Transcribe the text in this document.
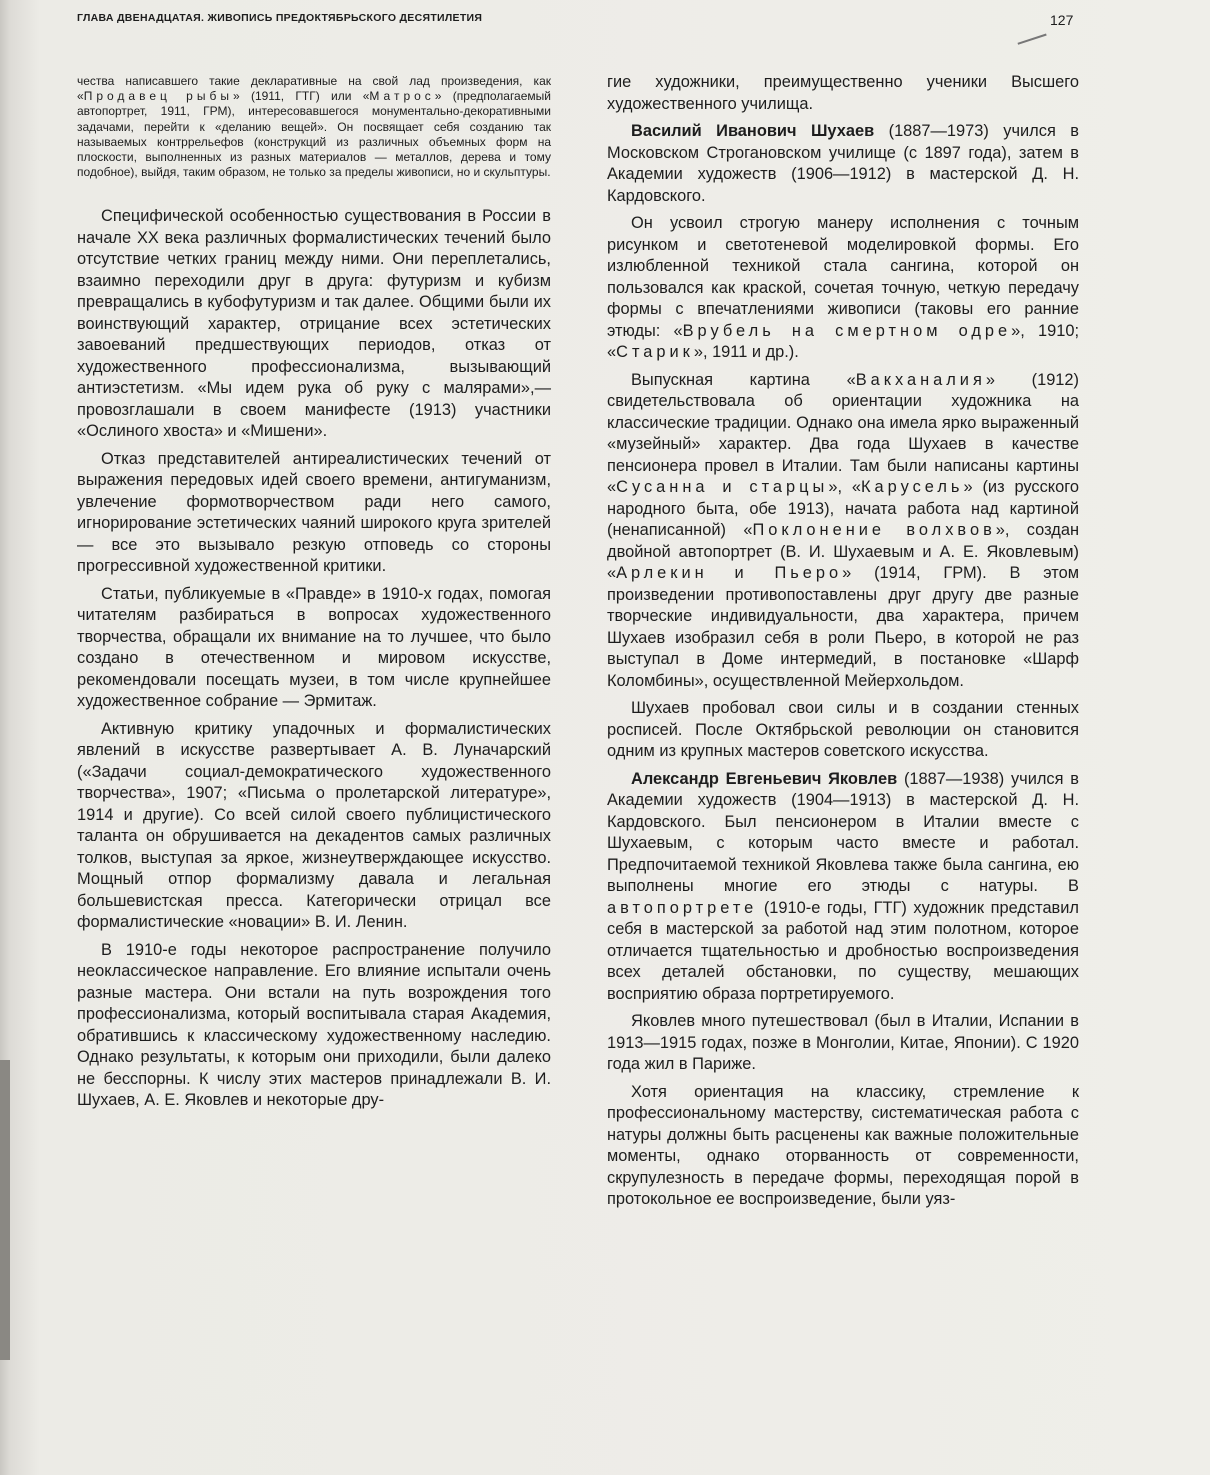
ГЛАВА ДВЕНАДЦАТАЯ. ЖИВОПИСЬ ПРЕДОКТЯБРЬСКОГО ДЕСЯТИЛЕТИЯ	127
чества написавшего такие декларативные на свой лад произведения, как «Продавец рыбы» (1911, ГТГ) или «Матрос» (предполагаемый автопортрет, 1911, ГРМ), интересовавшегося монументально-декоративными задачами, перейти к «деланию вещей». Он посвящает себя созданию так называемых контррельефов (конструкций из различных объемных форм на плоскости, выполненных из разных материалов — металлов, дерева и тому подобное), выйдя, таким образом, не только за пределы живописи, но и скульптуры.
Специфической особенностью существования в России в начале XX века различных формалистических течений было отсутствие четких границ между ними. Они переплетались, взаимно переходили друг в друга: футуризм и кубизм превращались в кубофутуризм и так далее. Общими были их воинствующий характер, отрицание всех эстетических завоеваний предшествующих периодов, отказ от художественного профессионализма, вызывающий антиэстетизм. «Мы идем рука об руку с малярами»,— провозглашали в своем манифесте (1913) участники «Ослиного хвоста» и «Мишени».
Отказ представителей антиреалистических течений от выражения передовых идей своего времени, антигуманизм, увлечение формотворчеством ради него самого, игнорирование эстетических чаяний широкого круга зрителей — все это вызывало резкую отповедь со стороны прогрессивной художественной критики.
Статьи, публикуемые в «Правде» в 1910-х годах, помогая читателям разбираться в вопросах художественного творчества, обращали их внимание на то лучшее, что было создано в отечественном и мировом искусстве, рекомендовали посещать музеи, в том числе крупнейшее художественное собрание — Эрмитаж.
Активную критику упадочных и формалистических явлений в искусстве развертывает А. В. Луначарский («Задачи социал-демократического художественного творчества», 1907; «Письма о пролетарской литературе», 1914 и другие). Со всей силой своего публицистического таланта он обрушивается на декадентов самых различных толков, выступая за яркое, жизнеутверждающее искусство. Мощный отпор формализму давала и легальная большевистская пресса. Категорически отрицал все формалистические «новации» В. И. Ленин.
В 1910-е годы некоторое распространение получило неоклассическое направление. Его влияние испытали очень разные мастера. Они встали на путь возрождения того профессионализма, который воспитывала старая Академия, обратившись к классическому художественному наследию. Однако результаты, к которым они приходили, были далеко не бесспорны. К числу этих мастеров принадлежали В. И. Шухаев, А. Е. Яковлев и некоторые дру-
гие художники, преимущественно ученики Высшего художественного училища.
Василий Иванович Шухаев (1887—1973) учился в Московском Строгановском училище (с 1897 года), затем в Академии художеств (1906—1912) в мастерской Д. Н. Кардовского.
Он усвоил строгую манеру исполнения с точным рисунком и светотеневой моделировкой формы. Его излюбленной техникой стала сангина, которой он пользовался как краской, сочетая точную, четкую передачу формы с впечатлениями живописи (таковы его ранние этюды: «Врубель на смертном одре», 1910; «Старик», 1911 и др.).
Выпускная картина «Вакханалия» (1912) свидетельствовала об ориентации художника на классические традиции. Однако она имела ярко выраженный «музейный» характер. Два года Шухаев в качестве пенсионера провел в Италии. Там были написаны картины «Сусанна и старцы», «Карусель» (из русского народного быта, обе 1913), начата работа над картиной (ненаписанной) «Поклонение волхвов», создан двойной автопортрет (В. И. Шухаевым и А. Е. Яковлевым) «Арлекин и Пьеро» (1914, ГРМ). В этом произведении противопоставлены друг другу две разные творческие индивидуальности, два характера, причем Шухаев изобразил себя в роли Пьеро, в которой не раз выступал в Доме интермедий, в постановке «Шарф Коломбины», осуществленной Мейерхольдом.
Шухаев пробовал свои силы и в создании стенных росписей. После Октябрьской революции он становится одним из крупных мастеров советского искусства.
Александр Евгеньевич Яковлев (1887—1938) учился в Академии художеств (1904—1913) в мастерской Д. Н. Кардовского. Был пенсионером в Италии вместе с Шухаевым, с которым часто вместе и работал. Предпочитаемой техникой Яковлева также была сангина, ею выполнены многие его этюды с натуры. В автопортрете (1910-е годы, ГТГ) художник представил себя в мастерской за работой над этим полотном, которое отличается тщательностью и дробностью воспроизведения всех деталей обстановки, по существу, мешающих восприятию образа портретируемого.
Яковлев много путешествовал (был в Италии, Испании в 1913—1915 годах, позже в Монголии, Китае, Японии). С 1920 года жил в Париже.
Хотя ориентация на классику, стремление к профессиональному мастерству, систематическая работа с натуры должны быть расценены как важные положительные моменты, однако оторванность от современности, скрупулезность в передаче формы, переходящая порой в протокольное ее воспроизведение, были уяз-
